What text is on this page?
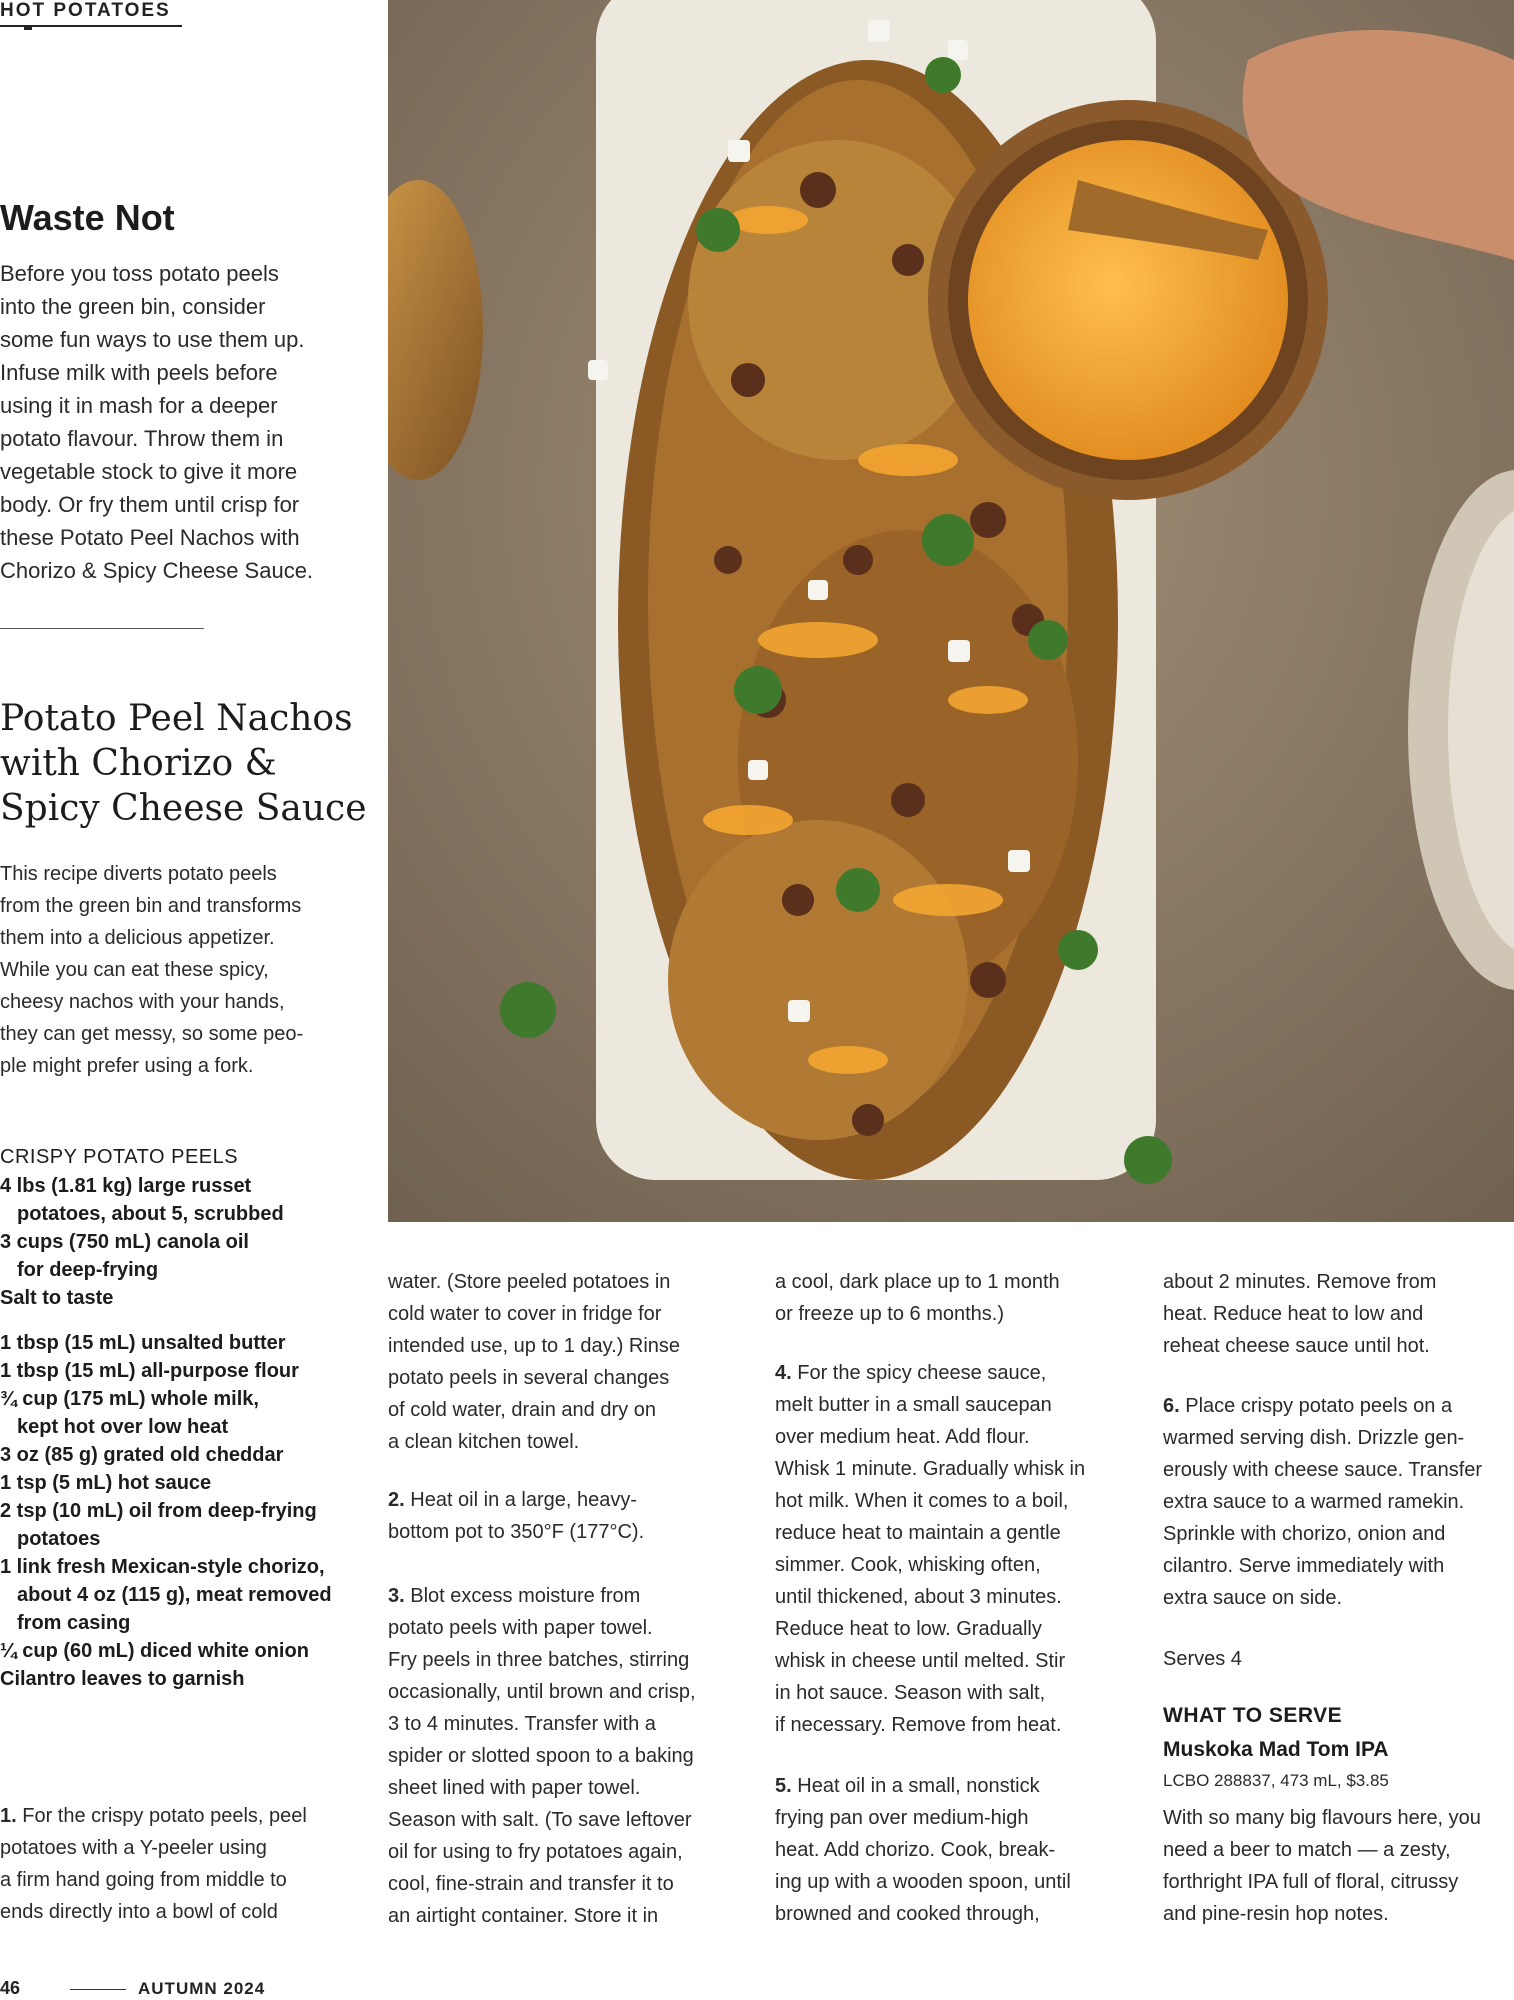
HOT POTATOES
Waste Not
Before you toss potato peels
into the green bin, consider
some fun ways to use them up.
Infuse milk with peels before
using it in mash for a deeper
potato flavour. Throw them in
vegetable stock to give it more
body. Or fry them until crisp for
these Potato Peel Nachos with
Chorizo & Spicy Cheese Sauce.
Potato Peel Nachos
with Chorizo &
Spicy Cheese Sauce
This recipe diverts potato peels
from the green bin and transforms
them into a delicious appetizer.
While you can eat these spicy,
cheesy nachos with your hands,
they can get messy, so some peo-
ple might prefer using a fork.
CRISPY POTATO PEELS

4 lbs (1.81 kg) large russet
potatoes, about 5, scrubbed

3 cups (750 mL) canola oil
for deep-frying

Salt to taste

1 tbsp (15 mL) unsalted butter

1 tbsp (15 mL) all-purpose flour

¾ cup (175 mL) whole milk,
kept hot over low heat

3 oz (85 g) grated old cheddar

1 tsp (5 mL) hot sauce

2 tsp (10 mL) oil from deep-frying
potatoes

1 link fresh Mexican-style chorizo,
about 4 oz (115 g), meat removed
from casing

¼ cup (60 mL) diced white onion

Cilantro leaves to garnish

1. For the crispy potato peels, peel
potatoes with a Y-peeler using
a firm hand going from middle to
ends directly into a bowl of cold
water. (Store peeled potatoes in
cold water to cover in fridge for
intended use, up to 1 day.) Rinse
potato peels in several changes
of cold water, drain and dry on
a clean kitchen towel.
2. Heat oil in a large, heavy-
bottom pot to 350°F (177°C).
3. Blot excess moisture from
potato peels with paper towel.
Fry peels in three batches, stirring
occasionally, until brown and crisp,
3 to 4 minutes. Transfer with a
spider or slotted spoon to a baking
sheet lined with paper towel.
Season with salt. (To save leftover
oil for using to fry potatoes again,
cool, fine-strain and transfer it to
an airtight container. Store it in
a cool, dark place up to 1 month
or freeze up to 6 months.)
4. For the spicy cheese sauce,
melt butter in a small saucepan
over medium heat. Add flour.
Whisk 1 minute. Gradually whisk in
hot milk. When it comes to a boil,
reduce heat to maintain a gentle
simmer. Cook, whisking often,
until thickened, about 3 minutes.
Reduce heat to low. Gradually
whisk in cheese until melted. Stir
in hot sauce. Season with salt,
if necessary. Remove from heat.
5. Heat oil in a small, nonstick
frying pan over medium-high
heat. Add chorizo. Cook, break-
ing up with a wooden spoon, until
browned and cooked through,
about 2 minutes. Remove from
heat. Reduce heat to low and
reheat cheese sauce until hot.
6. Place crispy potato peels on a
warmed serving dish. Drizzle gen-
erously with cheese sauce. Transfer
extra sauce to a warmed ramekin.
Sprinkle with chorizo, onion and
cilantro. Serve immediately with
extra sauce on side.
Serves 4
WHAT TO SERVE
Muskoka Mad Tom IPA
LCBO 288837, 473 mL, $3.85
With so many big flavours here, you
need a beer to match — a zesty,
forthright IPA full of floral, citrussy
and pine-resin hop notes.
46	AUTUMN 2024
